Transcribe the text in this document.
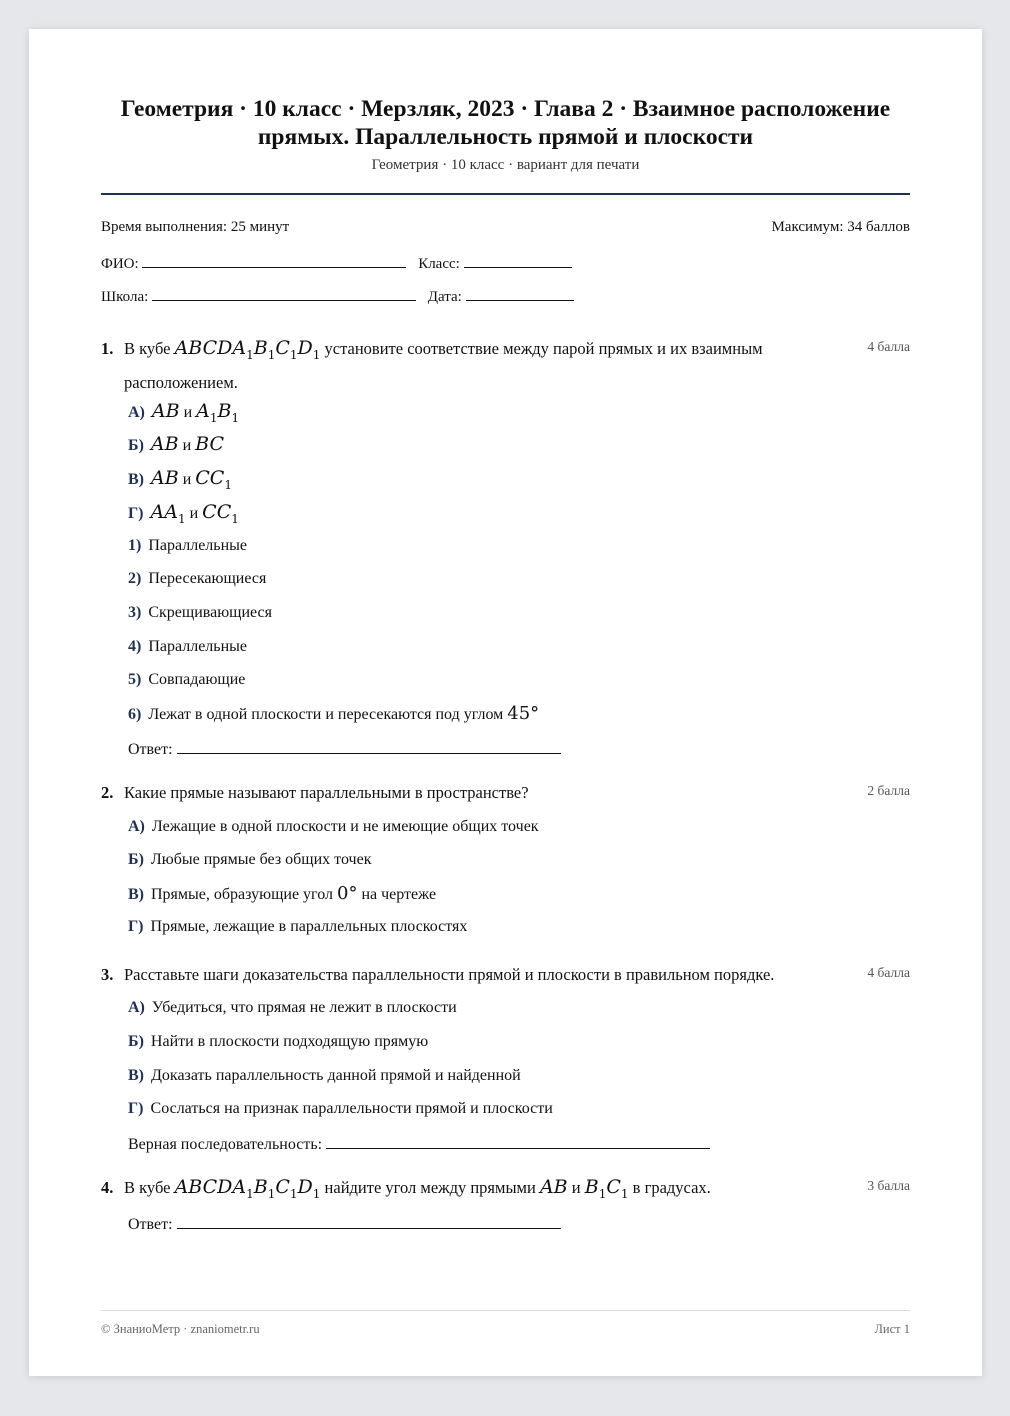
Геометрия · 10 класс · Мерзляк, 2023 · Глава 2 · Взаимное расположение
прямых. Параллельность прямой и плоскости
Геометрия · 10 класс · вариант для печати
Время выполнения: 25 минут	Максимум: 34 баллов
ФИО:	Класс:
Школа:	Дата:
1. В кубе $ABCDA_1B_1C_1D_1$ установите соответствие между парой прямых и их взаимным
расположением.
4 балла
А) AB и $A_1B_1$
Б) AB и BC
В) AB и $CC_1$
Г) $AA_1$ и $CC_1$
1) Параллельные
2) Пересекающиеся
3) Скрещивающиеся
4) Параллельные
5) Совпадающие
6) Лежат в одной плоскости и пересекаются под углом 45°
Ответ:
2. Какие прямые называют параллельными в пространстве?	2 балла
А) Лежащие в одной плоскости и не имеющие общих точек
Б) Любые прямые без общих точек
В) Прямые, образующие угол 0° на чертеже
Г) Прямые, лежащие в параллельных плоскостях
3. Расставьте шаги доказательства параллельности прямой и плоскости в правильном порядке.	4 балла
А) Убедиться, что прямая не лежит в плоскости
Б) Найти в плоскости подходящую прямую
В) Доказать параллельность данной прямой и найденной
Г) Сослаться на признак параллельности прямой и плоскости
Верная последовательность:
4. В кубе $ABCDA_1B_1C_1D_1$ найдите угол между прямыми AB и $B_1C_1$ в градусах.	3 балла
Ответ:
© ЗнаниоМетр · znaniometr.ru	Лист 1
